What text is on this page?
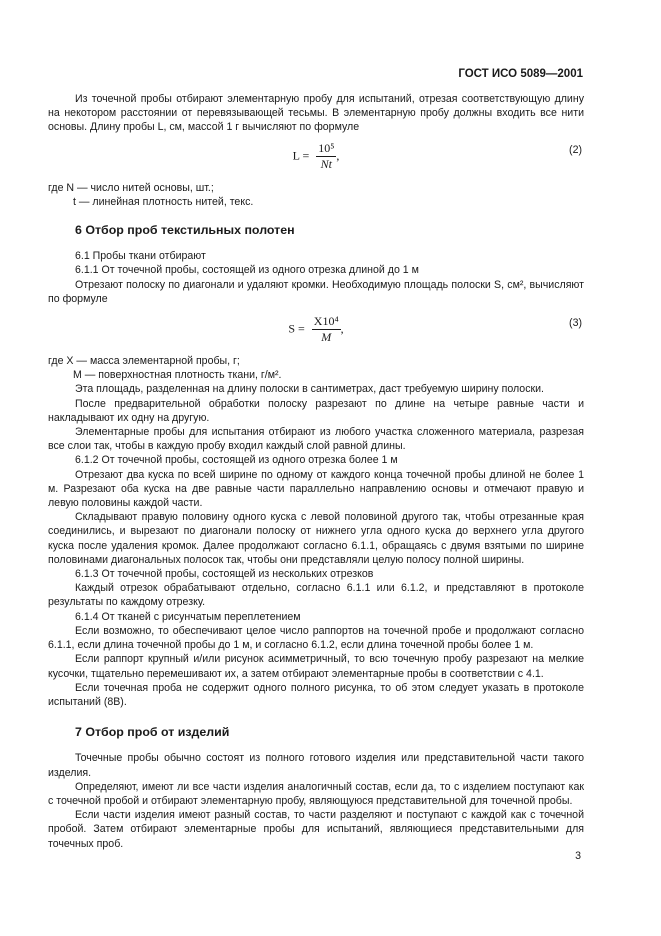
ГОСТ ИСО 5089—2001

Из точечной пробы отбирают элементарную пробу для испытаний, отрезая соответствующую длину на некотором расстоянии от перевязывающей тесьмы. В элементарную пробу должны входить все нити основы. Длину пробы L, см, массой 1 г вычисляют по формуле

$L = \frac{\text{10⁵}}{Nt}$ ,	(2)

где N — число нитей основы, шт.;

t — линейная плотность нитей, текс.

6 Отбор проб текстильных полотен

6.1 Пробы ткани отбирают

6.1.1 От точечной пробы, состоящей из одного отрезка длиной до 1 м

Отрезают полоску по диагонали и удаляют кромки. Необходимую площадь полоски S, см², вычисляют по формуле

$S = \frac{\text{X10⁴}}{M}$ ,	(3)

где X — масса элементарной пробы, г;

M — поверхностная плотность ткани, г/м².

Эта площадь, разделенная на длину полоски в сантиметрах, даст требуемую ширину полоски.

После предварительной обработки полоску разрезают по длине на четыре равные части и накладывают их одну на другую.

Элементарные пробы для испытания отбирают из любого участка сложенного материала, разрезая все слои так, чтобы в каждую пробу входил каждый слой равной длины.

6.1.2 От точечной пробы, состоящей из одного отрезка более 1 м

Отрезают два куска по всей ширине по одному от каждого конца точечной пробы длиной не более 1 м. Разрезают оба куска на две равные части параллельно направлению основы и отмечают правую и левую половины каждой части.

Складывают правую половину одного куска с левой половиной другого так, чтобы отрезанные края соединились, и вырезают по диагонали полоску от нижнего угла одного куска до верхнего угла другого куска после удаления кромок. Далее продолжают согласно 6.1.1, обращаясь с двумя взятыми по ширине половинами диагональных полосок так, чтобы они представляли целую полосу полной ширины.

6.1.3 От точечной пробы, состоящей из нескольких отрезков

Каждый отрезок обрабатывают отдельно, согласно 6.1.1 или 6.1.2, и представляют в протоколе результаты по каждому отрезку.

6.1.4 От тканей с рисунчатым переплетением

Если возможно, то обеспечивают целое число раппортов на точечной пробе и продолжают согласно 6.1.1, если длина точечной пробы до 1 м, и согласно 6.1.2, если длина точечной пробы более 1 м.

Если раппорт крупный и/или рисунок асимметричный, то всю точечную пробу разрезают на мелкие кусочки, тщательно перемешивают их, а затем отбирают элементарные пробы в соответствии с 4.1.

Если точечная проба не содержит одного полного рисунка, то об этом следует указать в протоколе испытаний (8B).

7 Отбор проб от изделий

Точечные пробы обычно состоят из полного готового изделия или представительной части такого изделия.

Определяют, имеют ли все части изделия аналогичный состав, если да, то с изделием поступают как с точечной пробой и отбирают элементарную пробу, являющуюся представительной для точечной пробы.

Если части изделия имеют разный состав, то части разделяют и поступают с каждой как с точечной пробой. Затем отбирают элементарные пробы для испытаний, являющиеся представительными для точечных проб.

3
